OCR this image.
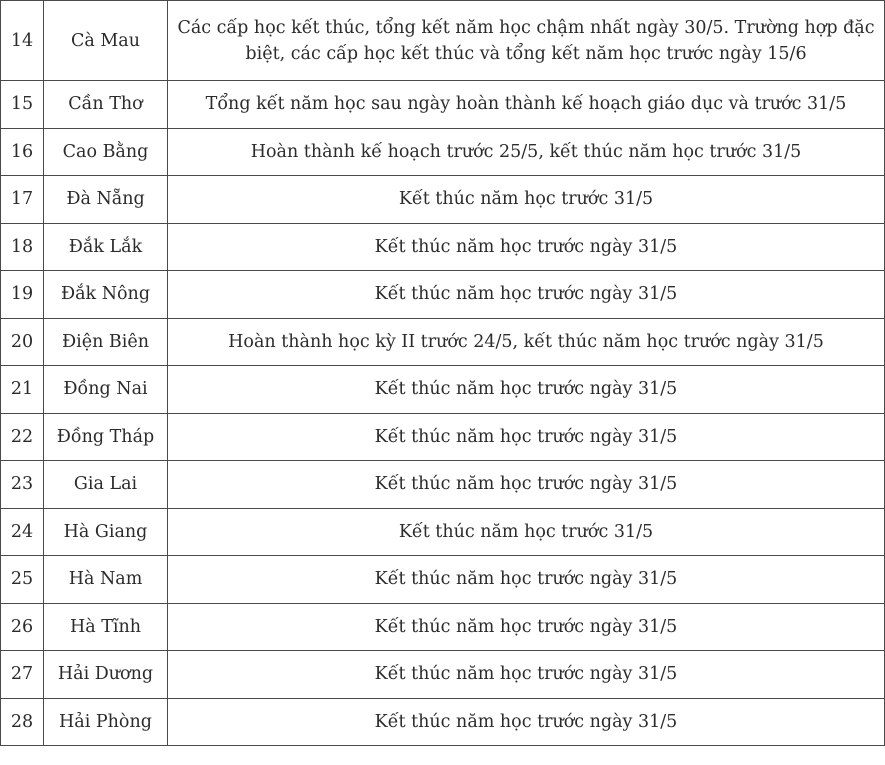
14	Cà Mau	Các cấp học kết thúc, tổng kết năm học chậm nhất ngày 30/5. Trường hợp đặc biệt, các cấp học kết thúc và tổng kết năm học trước ngày 15/6
15	Cần Thơ	Tổng kết năm học sau ngày hoàn thành kế hoạch giáo dục và trước 31/5
16	Cao Bằng	Hoàn thành kế hoạch trước 25/5, kết thúc năm học trước 31/5
17	Đà Nẵng	Kết thúc năm học trước 31/5
18	Đắk Lắk	Kết thúc năm học trước ngày 31/5
19	Đắk Nông	Kết thúc năm học trước ngày 31/5
20	Điện Biên	Hoàn thành học kỳ II trước 24/5, kết thúc năm học trước ngày 31/5
21	Đồng Nai	Kết thúc năm học trước ngày 31/5
22	Đồng Tháp	Kết thúc năm học trước ngày 31/5
23	Gia Lai	Kết thúc năm học trước ngày 31/5
24	Hà Giang	Kết thúc năm học trước 31/5
25	Hà Nam	Kết thúc năm học trước ngày 31/5
26	Hà Tĩnh	Kết thúc năm học trước ngày 31/5
27	Hải Dương	Kết thúc năm học trước ngày 31/5
28	Hải Phòng	Kết thúc năm học trước ngày 31/5
